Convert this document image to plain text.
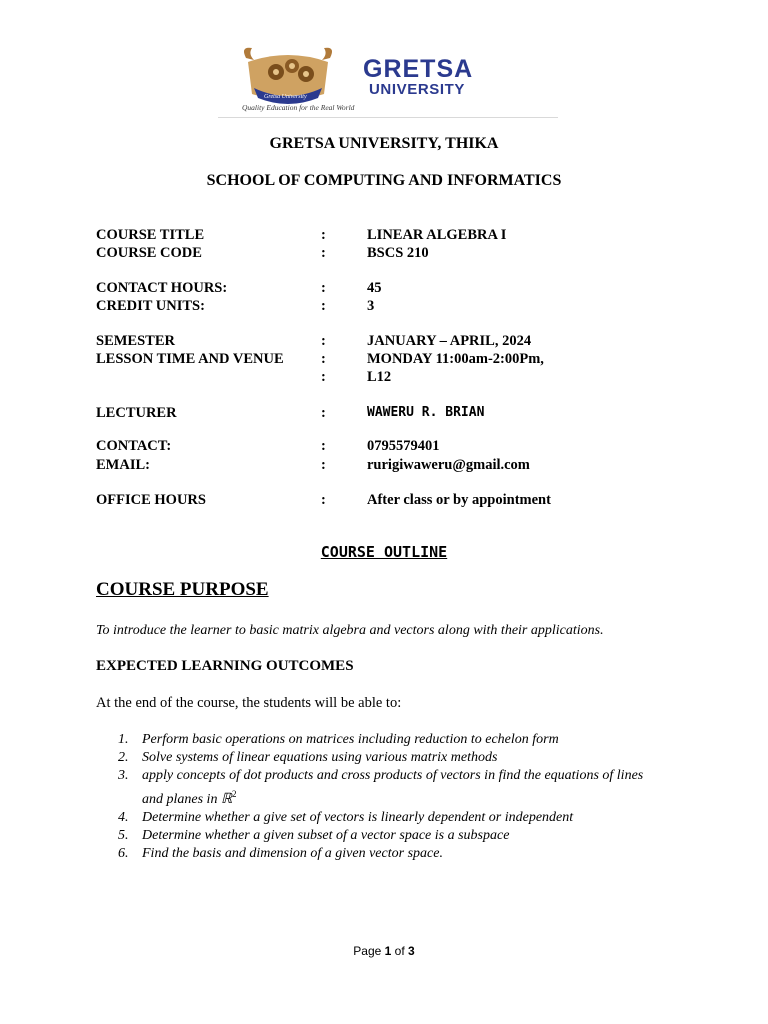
Gretsa University
GRETSA
UNIVERSITY
Quality Education for the Real World
GRETSA UNIVERSITY, THIKA
SCHOOL OF COMPUTING AND INFORMATICS
COURSE TITLE	:	LINEAR ALGEBRA I
COURSE CODE	:	BSCS 210
CONTACT HOURS:	:	45
CREDIT UNITS:	:	3
SEMESTER	:	JANUARY – APRIL, 2024
LESSON TIME AND VENUE	:	MONDAY 11:00am-2:00Pm,
:	L12
LECTURER	:	WAWERU R. BRIAN
CONTACT:	:	0795579401
EMAIL:	:	rurigiwaweru@gmail.com
OFFICE HOURS	:	After class or by appointment
COURSE OUTLINE
COURSE PURPOSE
To introduce the learner to basic matrix algebra and vectors along with their applications.
EXPECTED LEARNING OUTCOMES
At the end of the course, the students will be able to:
1. Perform basic operations on matrices including reduction to echelon form
2. Solve systems of linear equations using various matrix methods
3. apply concepts of dot products and cross products of vectors in find the equations of lines and planes in ℝ$^2$
4. Determine whether a give set of vectors is linearly dependent or independent
5. Determine whether a given subset of a vector space is a subspace
6. Find the basis and dimension of a given vector space.
Page 1 of 3
